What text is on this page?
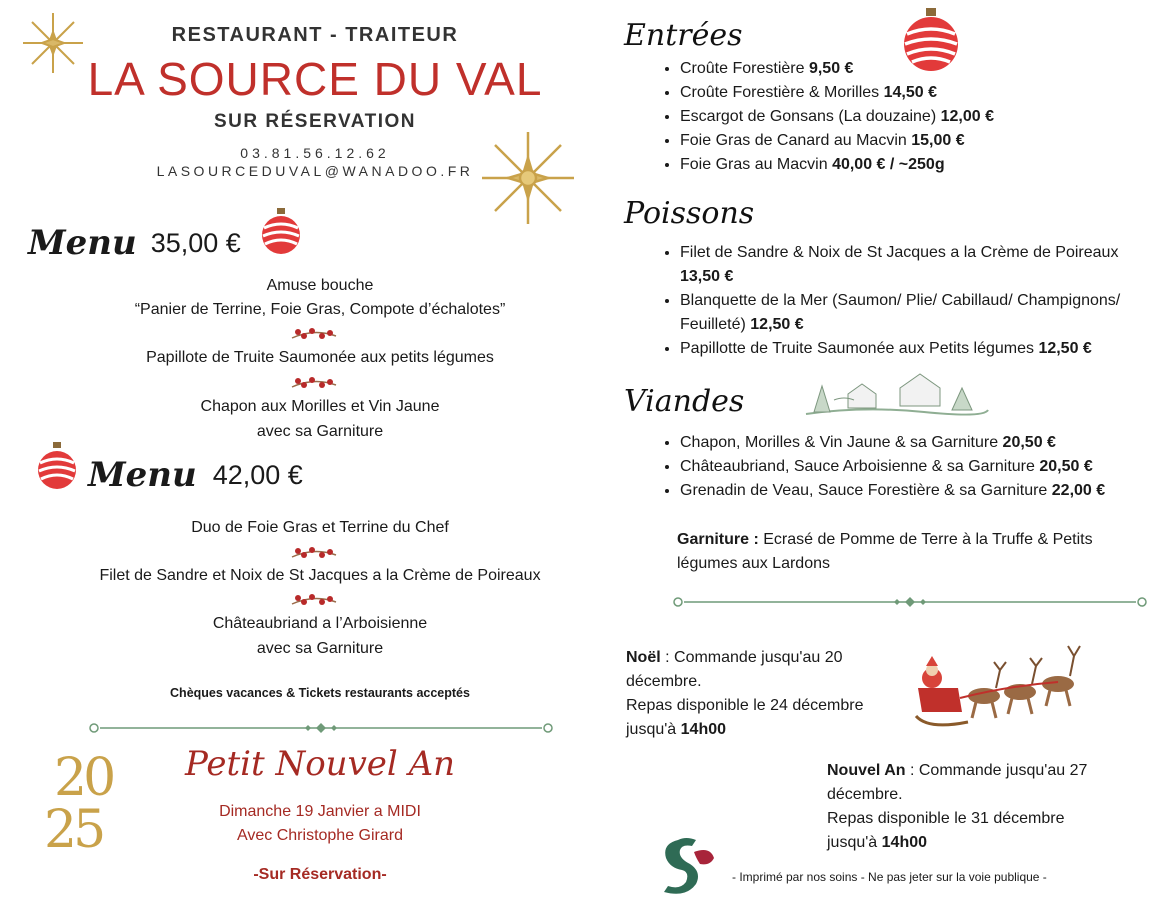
RESTAURANT - TRAITEUR
LA SOURCE DU VAL
SUR RÉSERVATION
03.81.56.12.62
LASOURCEDUVAL@WANADOO.FR
Menu 35,00 €
Amuse bouche
“Panier de Terrine, Foie Gras, Compote d’échalotes”
Papillote de Truite Saumonée aux petits légumes
Chapon aux Morilles et Vin Jaune
avec sa Garniture
Menu 42,00 €
Duo de Foie Gras et Terrine du Chef
Filet de Sandre et Noix de St Jacques a la Crème de Poireaux
Châteaubriand a l’Arboisienne
avec sa Garniture
Chèques vacances & Tickets restaurants acceptés
20
25
Petit Nouvel An
Dimanche 19 Janvier a MIDI
Avec Christophe Girard
-Sur Réservation-
Entrées
• Croûte Forestière 9,50 €
• Croûte Forestière & Morilles 14,50 €
• Escargot de Gonsans (La douzaine) 12,00 €
• Foie Gras de Canard au Macvin 15,00 €
• Foie Gras au Macvin 40,00 € / ~250g
Poissons
• Filet de Sandre & Noix de St Jacques a la Crème de Poireaux 13,50 €
• Blanquette de la Mer (Saumon/ Plie/ Cabillaud/ Champignons/ Feuilleté) 12,50 €
• Papillotte de Truite Saumonée aux Petits légumes 12,50 €
Viandes
• Chapon, Morilles & Vin Jaune & sa Garniture 20,50 €
• Châteaubriand, Sauce Arboisienne & sa Garniture 20,50 €
• Grenadin de Veau, Sauce Forestière & sa Garniture 22,00 €
Garniture : Ecrasé de Pomme de Terre à la Truffe & Petits légumes aux Lardons
Noël : Commande jusqu'au 20 décembre.
Repas disponible le 24 décembre jusqu'à 14h00
Nouvel An : Commande jusqu'au 27 décembre.
Repas disponible le 31 décembre jusqu'à 14h00
- Imprimé par nos soins - Ne pas jeter sur la voie publique -
